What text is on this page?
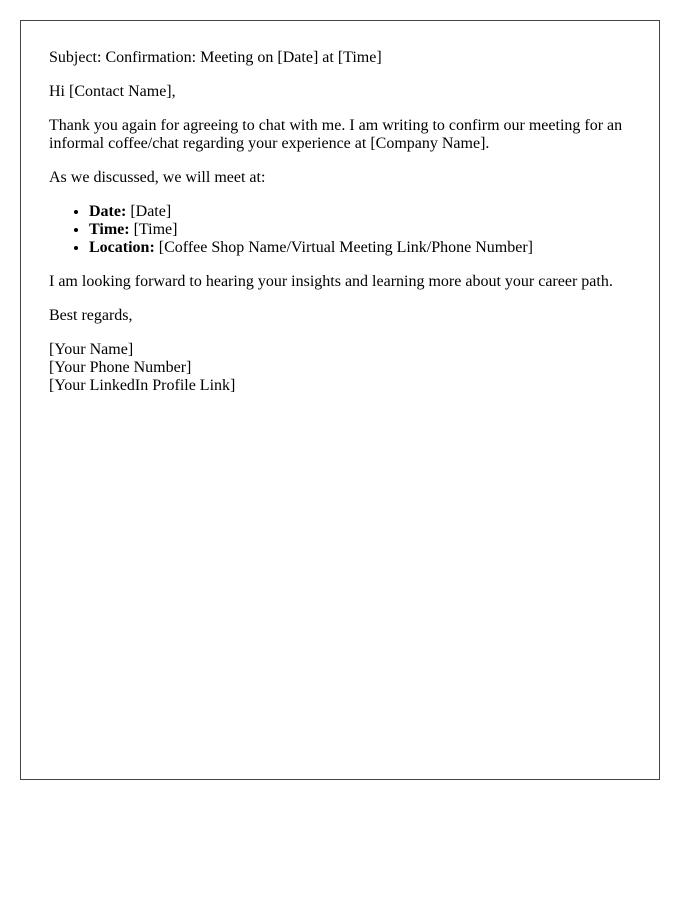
Subject: Confirmation: Meeting on [Date] at [Time]

Hi [Contact Name],

Thank you again for agreeing to chat with me. I am writing to confirm our meeting for an informal coffee/chat regarding your experience at [Company Name].

As we discussed, we will meet at:

• Date: [Date]
• Time: [Time]
• Location: [Coffee Shop Name/Virtual Meeting Link/Phone Number]

I am looking forward to hearing your insights and learning more about your career path.

Best regards,

[Your Name]
[Your Phone Number]
[Your LinkedIn Profile Link]
